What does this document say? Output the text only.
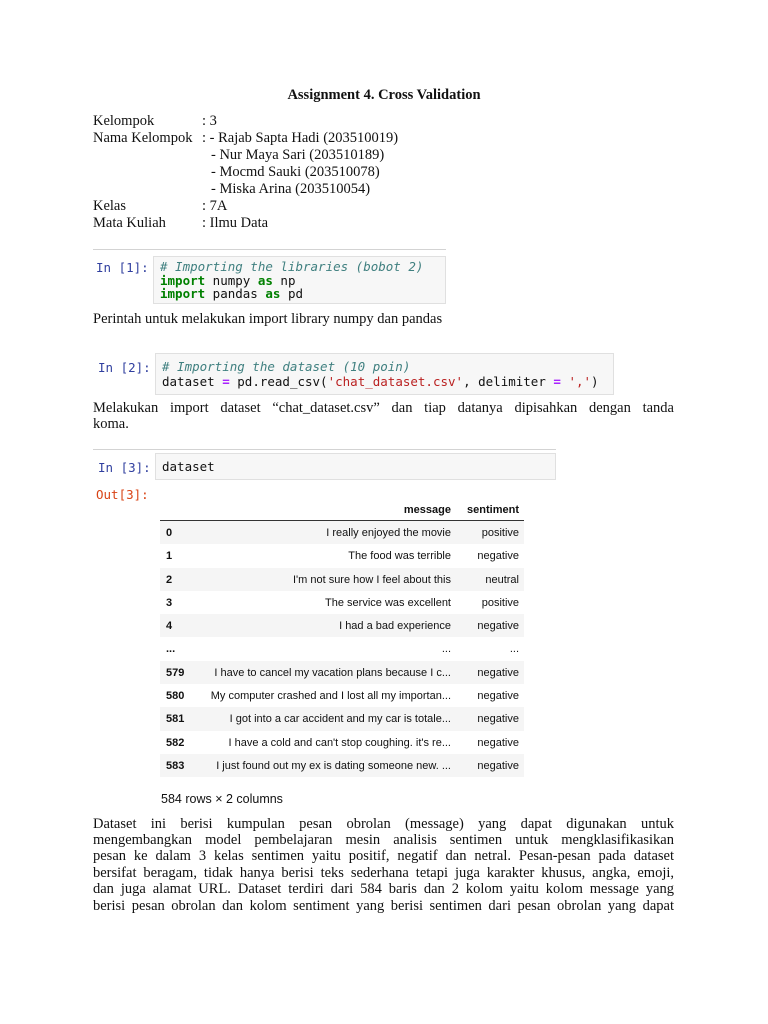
Assignment 4. Cross Validation
Kelompok	: 3
Nama Kelompok : - Rajab Sapta Hadi (203510019)
- Nur Maya Sari (203510189)
- Mocmd Sauki (203510078)
- Miska Arina (203510054)
Kelas	: 7A
Mata Kuliah : Ilmu Data
In [1]: # Importing the libraries (bobot 2)
import numpy as np
import pandas as pd
Perintah untuk melakukan import library numpy dan pandas
In [2]: # Importing the dataset (10 poin)
dataset = pd.read_csv('chat_dataset.csv', delimiter = ',')
Melakukan import dataset “chat_dataset.csv” dan tiap datanya dipisahkan dengan tanda
koma.
In [3]: dataset
Out[3]:
message sentiment
0	I really enjoyed the movie	positive
1	The food was terrible negative
2	I'm not sure how I feel about this	neutral
3	The service was excellent	positive
4	I had a bad experience negative
...	...	...
579	I have to cancel my vacation plans because I c... negative
580 My computer crashed and I lost all my importan... negative
581	I got into a car accident and my car is totale... negative
582	I have a cold and can't stop coughing. it's re... negative
583	I just found out my ex is dating someone new. ... negative
584 rows × 2 columns
Dataset ini berisi kumpulan pesan obrolan (message) yang dapat digunakan untuk
mengembangkan model pembelajaran mesin analisis sentimen untuk mengklasifikasikan
pesan ke dalam 3 kelas sentimen yaitu positif, negatif dan netral. Pesan-pesan pada dataset
bersifat beragam, tidak hanya berisi teks sederhana tetapi juga karakter khusus, angka, emoji,
dan juga alamat URL. Dataset terdiri dari 584 baris dan 2 kolom yaitu kolom message yang
berisi pesan obrolan dan kolom sentiment yang berisi sentimen dari pesan obrolan yang dapat
